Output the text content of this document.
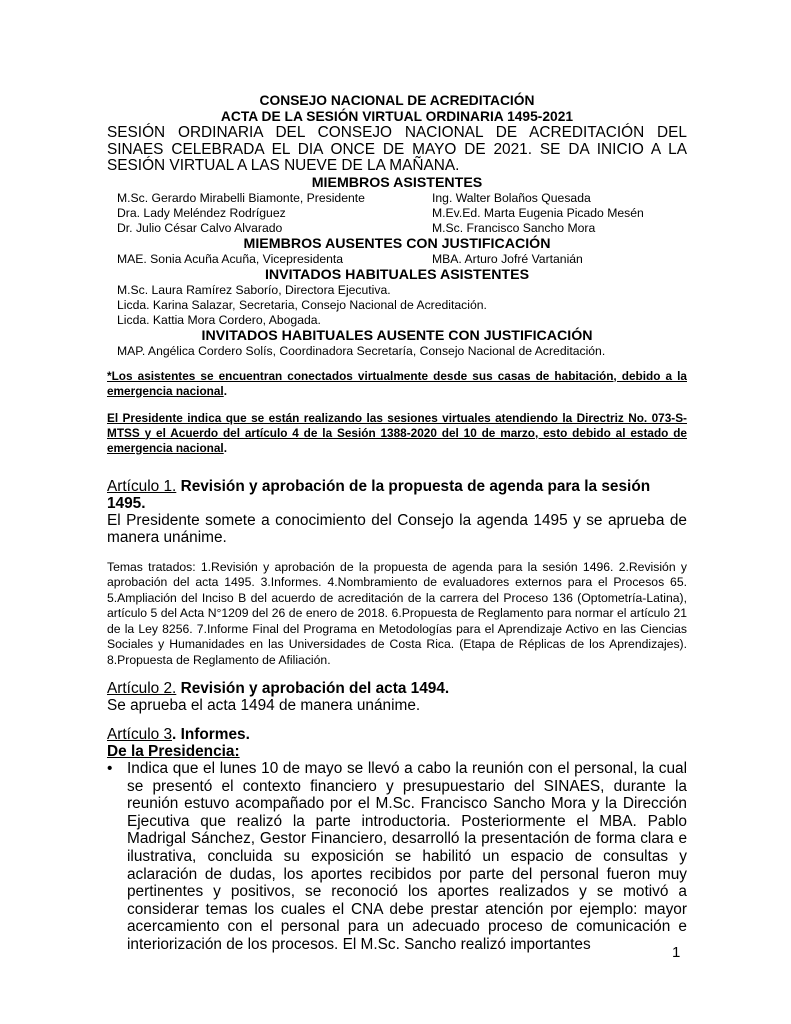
CONSEJO NACIONAL DE ACREDITACIÓN
ACTA DE LA SESIÓN VIRTUAL ORDINARIA 1495-2021
SESIÓN ORDINARIA DEL CONSEJO NACIONAL DE ACREDITACIÓN DEL SINAES CELEBRADA EL DIA ONCE DE MAYO DE 2021. SE DA INICIO A LA SESIÓN VIRTUAL A LAS NUEVE DE LA MAÑANA.
MIEMBROS ASISTENTES
M.Sc. Gerardo Mirabelli Biamonte, Presidente	Ing. Walter Bolaños Quesada
Dra. Lady Meléndez Rodríguez	M.Ev.Ed. Marta Eugenia Picado Mesén
Dr. Julio César Calvo Alvarado	M.Sc. Francisco Sancho Mora
MIEMBROS AUSENTES CON JUSTIFICACIÓN
MAE. Sonia Acuña Acuña, Vicepresidenta	MBA. Arturo Jofré Vartanián
INVITADOS HABITUALES ASISTENTES
M.Sc. Laura Ramírez Saborío, Directora Ejecutiva.
Licda. Karina Salazar, Secretaria, Consejo Nacional de Acreditación.
Licda. Kattia Mora Cordero, Abogada.
INVITADOS HABITUALES AUSENTE CON JUSTIFICACIÓN
MAP. Angélica Cordero Solís, Coordinadora Secretaría, Consejo Nacional de Acreditación.
*Los asistentes se encuentran conectados virtualmente desde sus casas de habitación, debido a la emergencia nacional.
El Presidente indica que se están realizando las sesiones virtuales atendiendo la Directriz No. 073-S-MTSS y el Acuerdo del artículo 4 de la Sesión 1388-2020 del 10 de marzo, esto debido al estado de emergencia nacional.
Artículo 1. Revisión y aprobación de la propuesta de agenda para la sesión 1495.
El Presidente somete a conocimiento del Consejo la agenda 1495 y se aprueba de manera unánime.
Temas tratados: 1.Revisión y aprobación de la propuesta de agenda para la sesión 1496. 2.Revisión y aprobación del acta 1495. 3.Informes. 4.Nombramiento de evaluadores externos para el Procesos 65. 5.Ampliación del Inciso B del acuerdo de acreditación de la carrera del Proceso 136 (Optometría-Latina), artículo 5 del Acta N°1209 del 26 de enero de 2018. 6.Propuesta de Reglamento para normar el artículo 21 de la Ley 8256. 7.Informe Final del Programa en Metodologías para el Aprendizaje Activo en las Ciencias Sociales y Humanidades en las Universidades de Costa Rica. (Etapa de Réplicas de los Aprendizajes). 8.Propuesta de Reglamento de Afiliación.
Artículo 2. Revisión y aprobación del acta 1494.
Se aprueba el acta 1494 de manera unánime.
Artículo 3. Informes.
De la Presidencia:
• Indica que el lunes 10 de mayo se llevó a cabo la reunión con el personal, la cual se presentó el contexto financiero y presupuestario del SINAES, durante la reunión estuvo acompañado por el M.Sc. Francisco Sancho Mora y la Dirección Ejecutiva que realizó la parte introductoria. Posteriormente el MBA. Pablo Madrigal Sánchez, Gestor Financiero, desarrolló la presentación de forma clara e ilustrativa, concluida su exposición se habilitó un espacio de consultas y aclaración de dudas, los aportes recibidos por parte del personal fueron muy pertinentes y positivos, se reconoció los aportes realizados y se motivó a considerar temas los cuales el CNA debe prestar atención por ejemplo: mayor acercamiento con el personal para un adecuado proceso de comunicación e interiorización de los procesos. El M.Sc. Sancho realizó importantes	1
